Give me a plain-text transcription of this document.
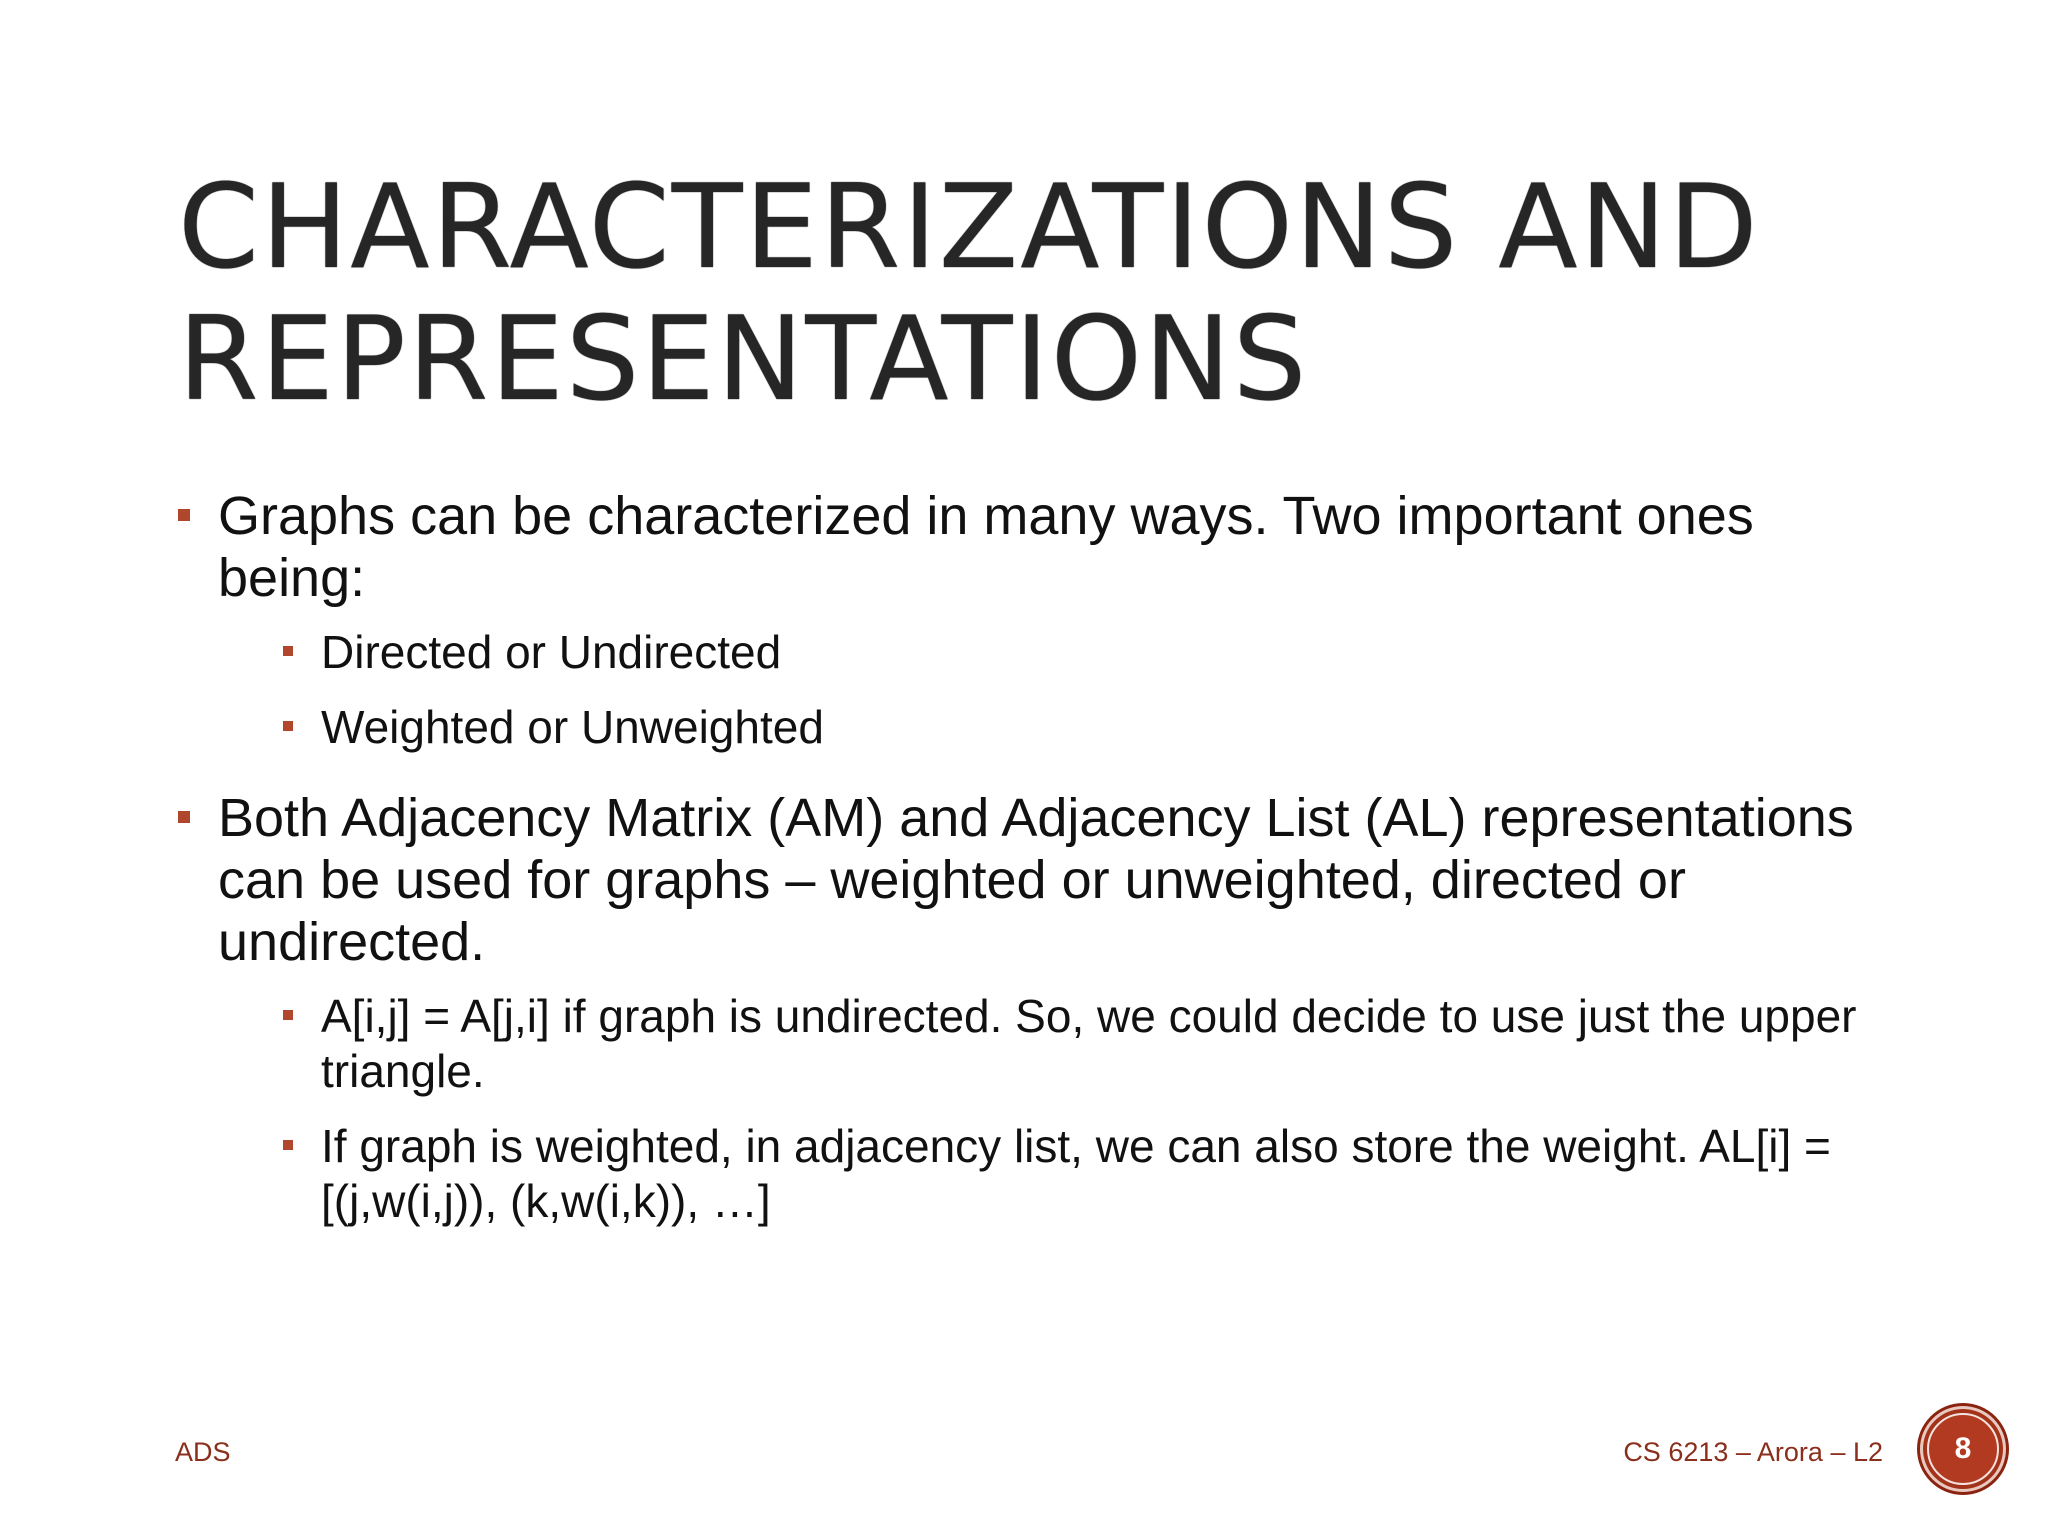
CHARACTERIZATIONS AND
REPRESENTATIONS
Graphs can be characterized in many ways. Two important ones being:
Directed or Undirected
Weighted or Unweighted
Both Adjacency Matrix (AM) and Adjacency List (AL) representations can be used for graphs – weighted or unweighted, directed or undirected.
A[i,j] = A[j,i] if graph is undirected. So, we could decide to use just the upper triangle.
If graph is weighted, in adjacency list, we can also store the weight. AL[i] = [(j,w(i,j)), (k,w(i,k)), …]
ADS	CS 6213 – Arora – L2	8
